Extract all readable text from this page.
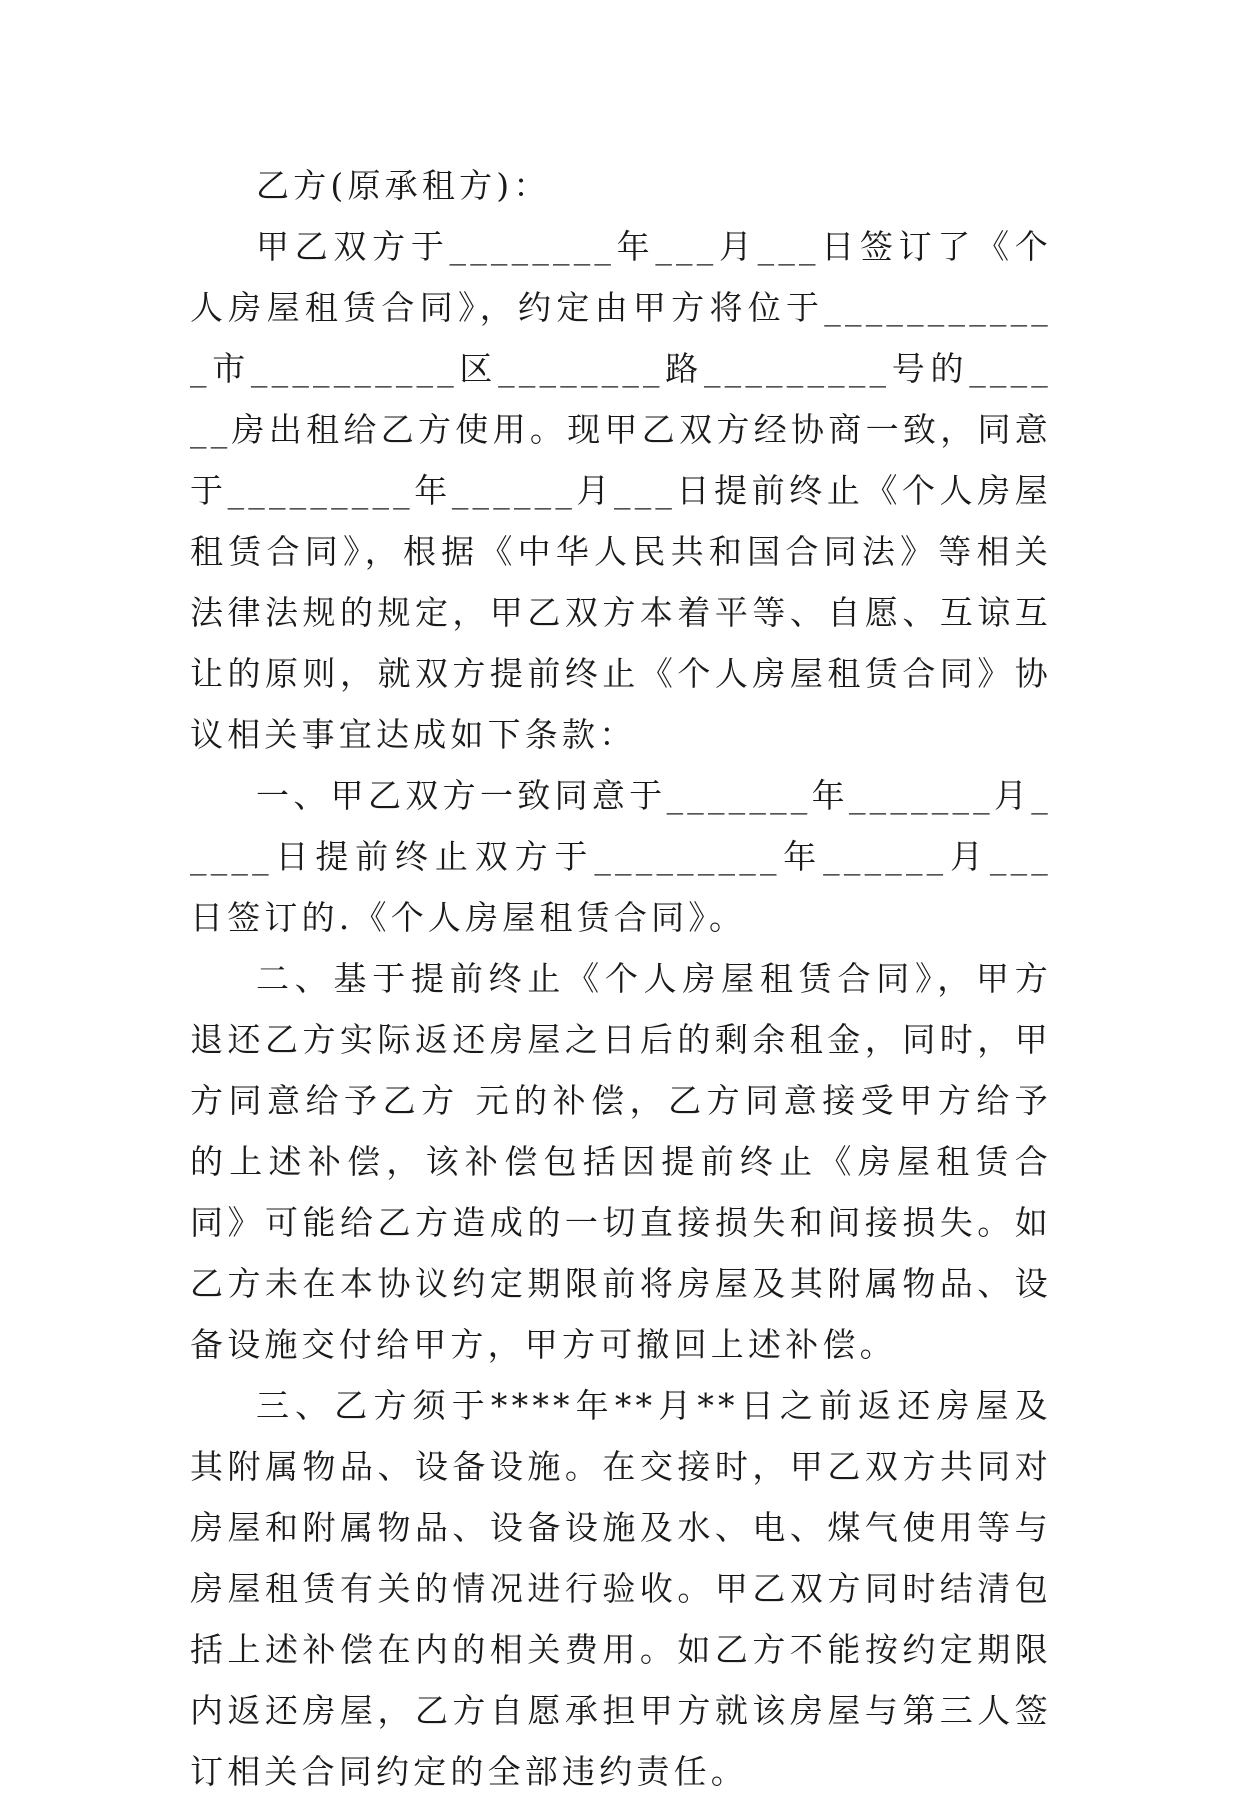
乙方(原承租方)：

甲乙双方于________年___月___日签订了《个人房屋租赁合同》，约定由甲方将位于____________市__________区________路_________号的______房出租给乙方使用。现甲乙双方经协商一致，同意于_________年______月___日提前终止《个人房屋租赁合同》，根据《中华人民共和国合同法》等相关法律法规的规定，甲乙双方本着平等、自愿、互谅互让的原则，就双方提前终止《个人房屋租赁合同》协议相关事宜达成如下条款：

一、甲乙双方一致同意于_______年_______月_____日提前终止双方于_________年______月___日签订的.《个人房屋租赁合同》。

二、基于提前终止《个人房屋租赁合同》，甲方退还乙方实际返还房屋之日后的剩余租金，同时，甲方同意给予乙方 元的补偿，乙方同意接受甲方给予的上述补偿，该补偿包括因提前终止《房屋租赁合同》可能给乙方造成的一切直接损失和间接损失。如乙方未在本协议约定期限前将房屋及其附属物品、设备设施交付给甲方，甲方可撤回上述补偿。

三、乙方须于****年**月**日之前返还房屋及其附属物品、设备设施。在交接时，甲乙双方共同对房屋和附属物品、设备设施及水、电、煤气使用等与房屋租赁有关的情况进行验收。甲乙双方同时结清包括上述补偿在内的相关费用。如乙方不能按约定期限内返还房屋，乙方自愿承担甲方就该房屋与第三人签订相关合同约定的全部违约责任。
